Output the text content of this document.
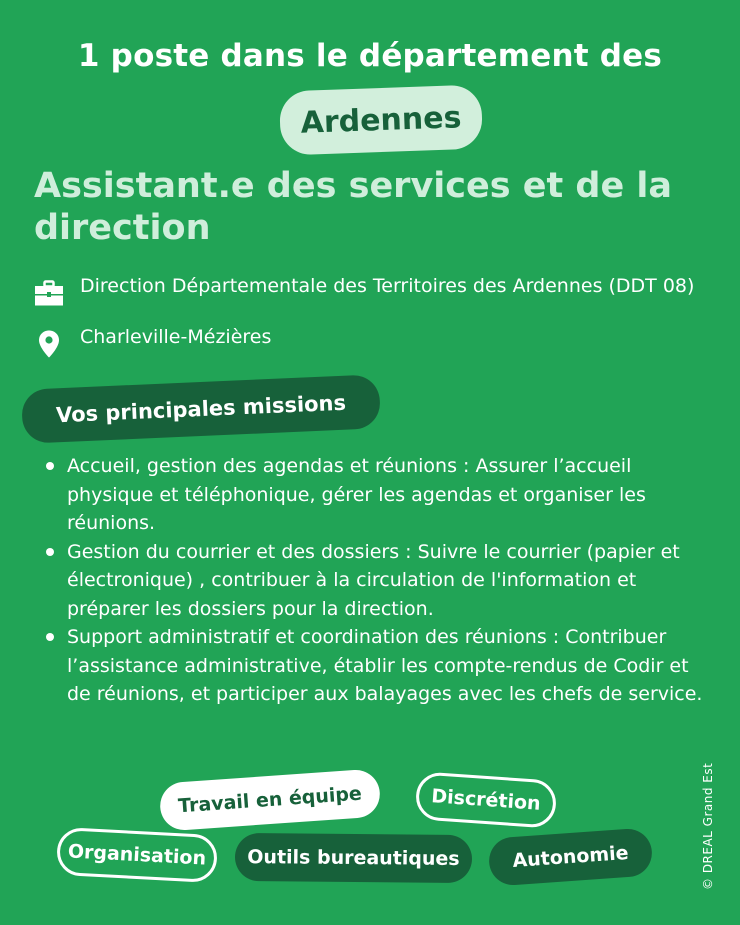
1 poste dans le département des
Ardennes
Assistant.e des services et de la direction
Direction Départementale des Territoires des Ardennes (DDT 08)
Charleville-Mézières
Vos principales missions
Accueil, gestion des agendas et réunions : Assurer l’accueil physique et téléphonique, gérer les agendas et organiser les réunions.
Gestion du courrier et des dossiers : Suivre le courrier (papier et électronique) , contribuer à la circulation de l'information et préparer les dossiers pour la direction.
Support administratif et coordination des réunions : Contribuer l’assistance administrative, établir les compte-rendus de Codir et de réunions, et participer aux balayages avec les chefs de service.
Travail en équipe	Discrétion
Organisation	Outils bureautiques	Autonomie	© DREAL Grand Est
